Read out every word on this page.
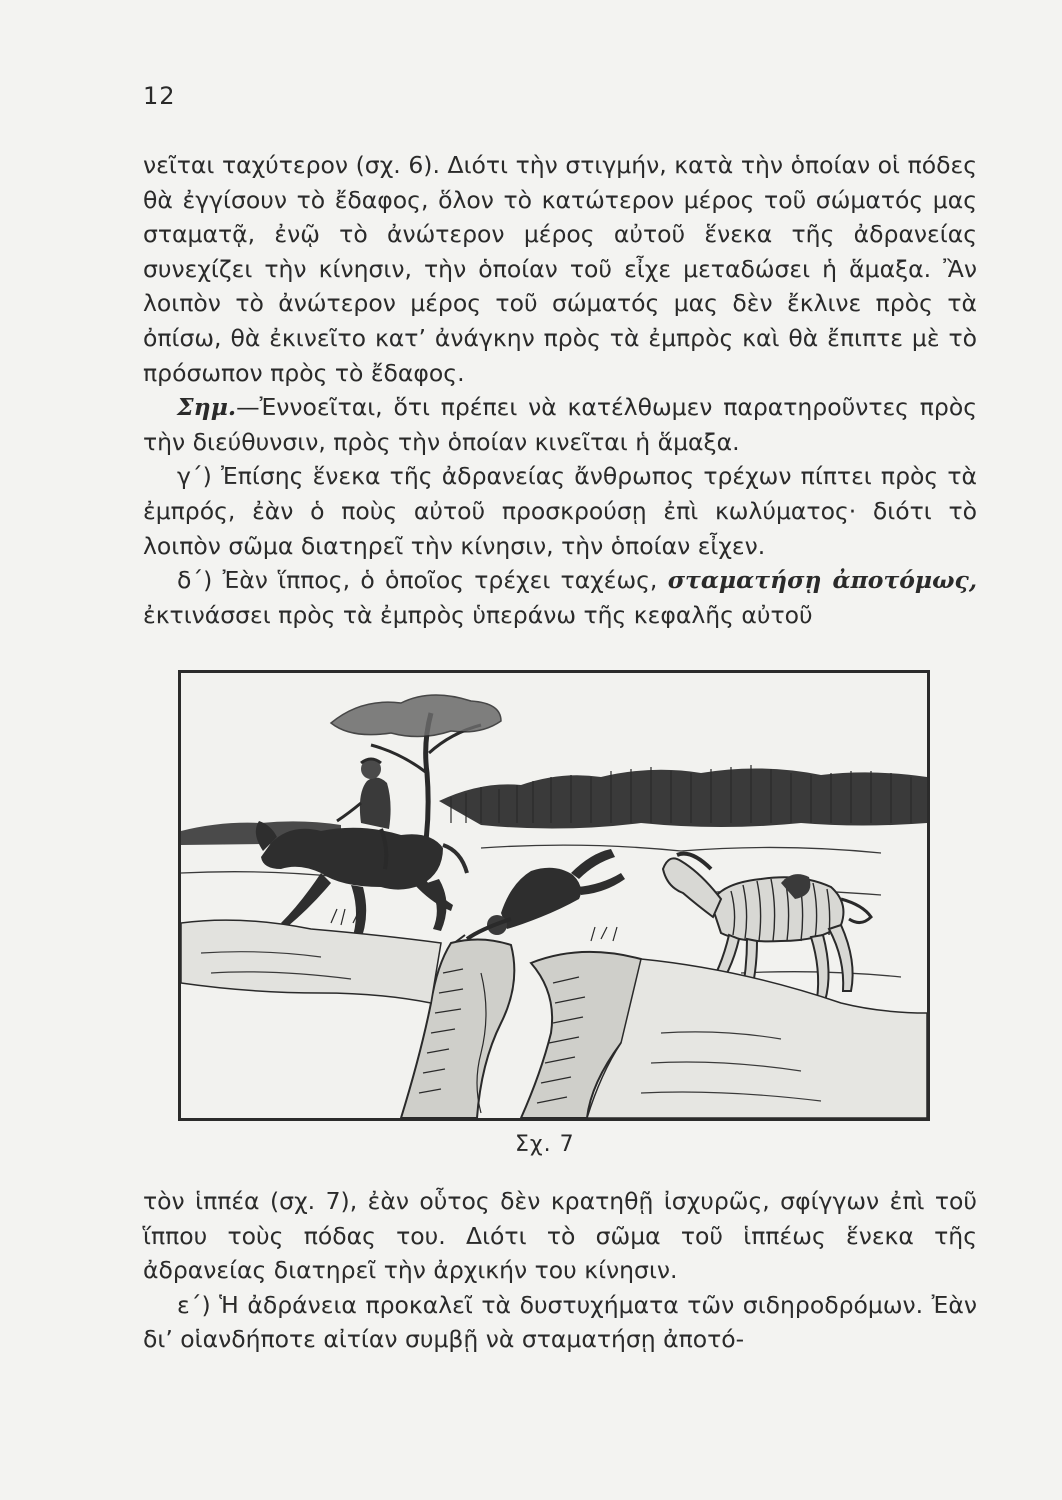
12

νεῖται ταχύτερον (σχ. 6). Διότι τὴν στιγμήν, κατὰ τὴν ὁποίαν οἱ πόδες θὰ ἐγγίσουν τὸ ἔδαφος, ὅλον τὸ κατώτερον μέρος τοῦ σώματός μας σταματᾷ, ἐνῷ τὸ ἀνώτερον μέρος αὐτοῦ ἕνεκα τῆς ἀδρανείας συνεχίζει τὴν κίνησιν, τὴν ὁποίαν τοῦ εἶχε μεταδώσει ἡ ἅμαξα. Ἂν λοιπὸν τὸ ἀνώτερον μέρος τοῦ σώματός μας δὲν ἔκλινε πρὸς τὰ ὀπίσω, θὰ ἐκινεῖτο κατ’ ἀνάγκην πρὸς τὰ ἐμπρὸς καὶ θὰ ἔπιπτε μὲ τὸ πρόσωπον πρὸς τὸ ἔδαφος.

Σημ.—Ἐννοεῖται, ὅτι πρέπει νὰ κατέλθωμεν παρατηροῦντες πρὸς τὴν διεύθυνσιν, πρὸς τὴν ὁποίαν κινεῖται ἡ ἅμαξα.

γ΄) Ἐπίσης ἕνεκα τῆς ἀδρανείας ἄνθρωπος τρέχων πίπτει πρὸς τὰ ἐμπρός, ἐὰν ὁ ποὺς αὐτοῦ προσκρούσῃ ἐπὶ κωλύματος· διότι τὸ λοιπὸν σῶμα διατηρεῖ τὴν κίνησιν, τὴν ὁποίαν εἶχεν.

δ΄) Ἐὰν ἵππος, ὁ ὁποῖος τρέχει ταχέως, σταματήσῃ ἀποτόμως, ἐκτινάσσει πρὸς τὰ ἐμπρὸς ὑπεράνω τῆς κεφαλῆς αὐτοῦ

Σχ. 7

τὸν ἱππέα (σχ. 7), ἐὰν οὗτος δὲν κρατηθῇ ἰσχυρῶς, σφίγγων ἐπὶ τοῦ ἵππου τοὺς πόδας του. Διότι τὸ σῶμα τοῦ ἱππέως ἕνεκα τῆς ἀδρανείας διατηρεῖ τὴν ἀρχικήν του κίνησιν.

ε΄) Ἡ ἀδράνεια προκαλεῖ τὰ δυστυχήματα τῶν σιδηροδρόμων. Ἐὰν δι’ οἱανδήποτε αἰτίαν συμβῇ νὰ σταματήσῃ ἀποτό-
